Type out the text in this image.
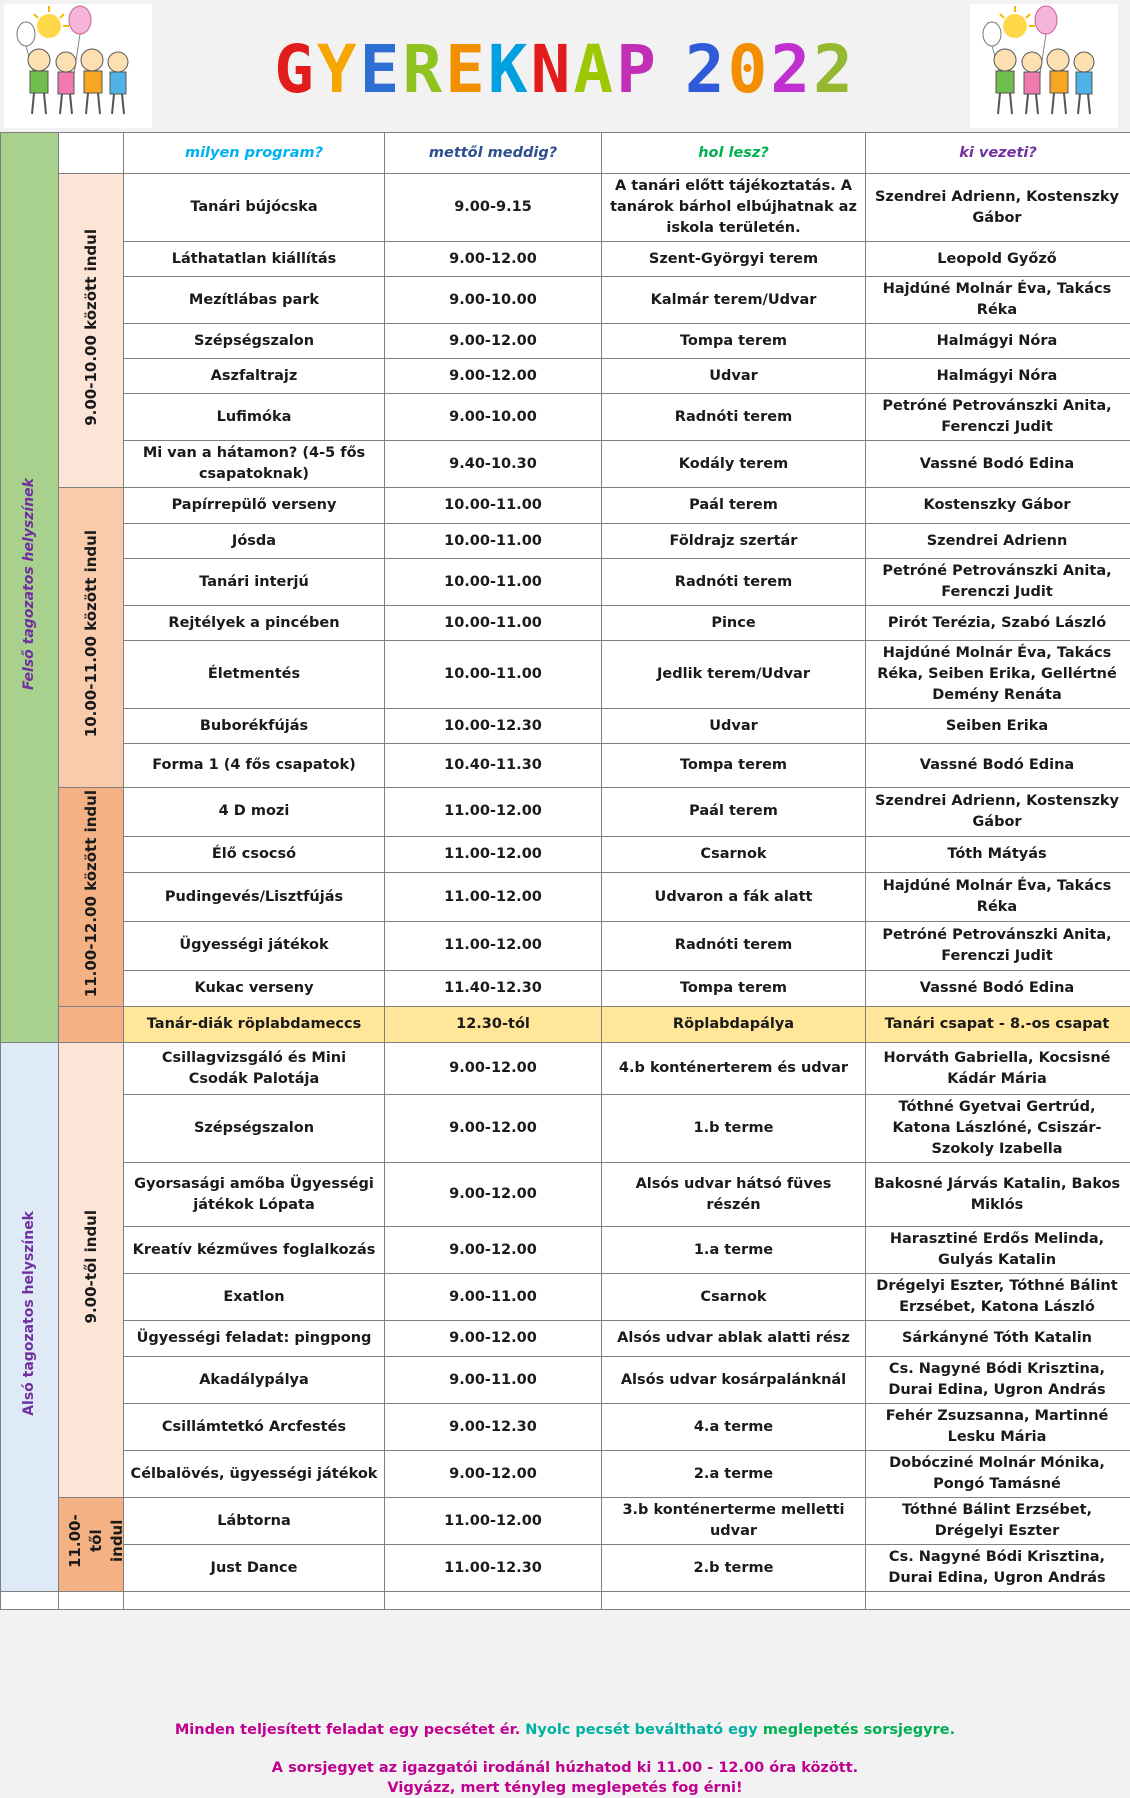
GYEREKNAP 2022
Felső tagozatos helyszínek		milyen program?	mettől meddig?	hol lesz?	ki vezeti?
	9.00-10.00 között indul	Tanári bújócska	9.00-9.15	A tanári előtt tájékoztatás. A tanárok bárhol elbújhatnak az iskola területén.	Szendrei Adrienn, Kostenszky Gábor
		Láthatatlan kiállítás	9.00-12.00	Szent-Györgyi terem	Leopold Győző
		Mezítlábas park	9.00-10.00	Kalmár terem/Udvar	Hajdúné Molnár Éva, Takács Réka
		Szépségszalon	9.00-12.00	Tompa terem	Halmágyi Nóra
		Aszfaltrajz	9.00-12.00	Udvar	Halmágyi Nóra
		Lufimóka	9.00-10.00	Radnóti terem	Petróné Petrovánszki Anita, Ferenczi Judit
		Mi van a hátamon? (4-5 fős csapatoknak)	9.40-10.30	Kodály terem	Vassné Bodó Edina
	10.00-11.00 között indul	Papírrepülő verseny	10.00-11.00	Paál terem	Kostenszky Gábor
		Jósda	10.00-11.00	Földrajz szertár	Szendrei Adrienn
		Tanári interjú	10.00-11.00	Radnóti terem	Petróné Petrovánszki Anita, Ferenczi Judit
		Rejtélyek a pincében	10.00-11.00	Pince	Pirót Terézia, Szabó László
		Életmentés	10.00-11.00	Jedlik terem/Udvar	Hajdúné Molnár Éva, Takács Réka, Seiben Erika, Gellértné Demény Renáta
		Buborékfújás	10.00-12.30	Udvar	Seiben Erika
		Forma 1 (4 fős csapatok)	10.40-11.30	Tompa terem	Vassné Bodó Edina
	11.00-12.00 között indul	4 D mozi	11.00-12.00	Paál terem	Szendrei Adrienn, Kostenszky Gábor
		Élő csocsó	11.00-12.00	Csarnok	Tóth Mátyás
		Pudingevés/Lisztfújás	11.00-12.00	Udvaron a fák alatt	Hajdúné Molnár Éva, Takács Réka
		Ügyességi játékok	11.00-12.00	Radnóti terem	Petróné Petrovánszki Anita, Ferenczi Judit
		Kukac verseny	11.40-12.30	Tompa terem	Vassné Bodó Edina
		Tanár-diák röplabdameccs	12.30-tól	Röplabdapálya	Tanári csapat - 8.-os csapat
Alsó tagozatos helyszínek	9.00-től indul	Csillagvizsgáló és Mini Csodák Palotája	9.00-12.00	4.b konténerterem és udvar	Horváth Gabriella, Kocsisné Kádár Mária
		Szépségszalon	9.00-12.00	1.b terme	Tóthné Gyetvai Gertrúd, Katona Lászlóné, Csiszár-Szokoly Izabella
		Gyorsasági amőba Ügyességi játékok Lópata	9.00-12.00	Alsós udvar hátsó füves részén	Bakosné Járvás Katalin, Bakos Miklós
		Kreatív kézműves foglalkozás	9.00-12.00	1.a terme	Harasztiné Erdős Melinda, Gulyás Katalin
		Exatlon	9.00-11.00	Csarnok	Drégelyi Eszter, Tóthné Bálint Erzsébet, Katona László
		Ügyességi feladat: pingpong	9.00-12.00	Alsós udvar ablak alatti rész	Sárkányné Tóth Katalin
		Akadálypálya	9.00-11.00	Alsós udvar kosárpalánknál	Cs. Nagyné Bódi Krisztina, Durai Edina, Ugron András
		Csillámtetkó Arcfestés	9.00-12.30	4.a terme	Fehér Zsuzsanna, Martinné Lesku Mária
		Célbalövés, ügyességi játékok	9.00-12.00	2.a terme	Dobócziné Molnár Mónika, Pongó Tamásné
	11.00-től indul	Lábtorna	11.00-12.00	3.b konténerterme melletti udvar	Tóthné Bálint Erzsébet, Drégelyi Eszter
		Just Dance	11.00-12.30	2.b terme	Cs. Nagyné Bódi Krisztina, Durai Edina, Ugron András

Minden teljesített feladat egy pecsétet ér. Nyolc pecsét beváltható egy meglepetés sorsjegyre.
A sorsjegyet az igazgatói irodánál húzhatod ki 11.00 - 12.00 óra között.
Vigyázz, mert tényleg meglepetés fog érni!
